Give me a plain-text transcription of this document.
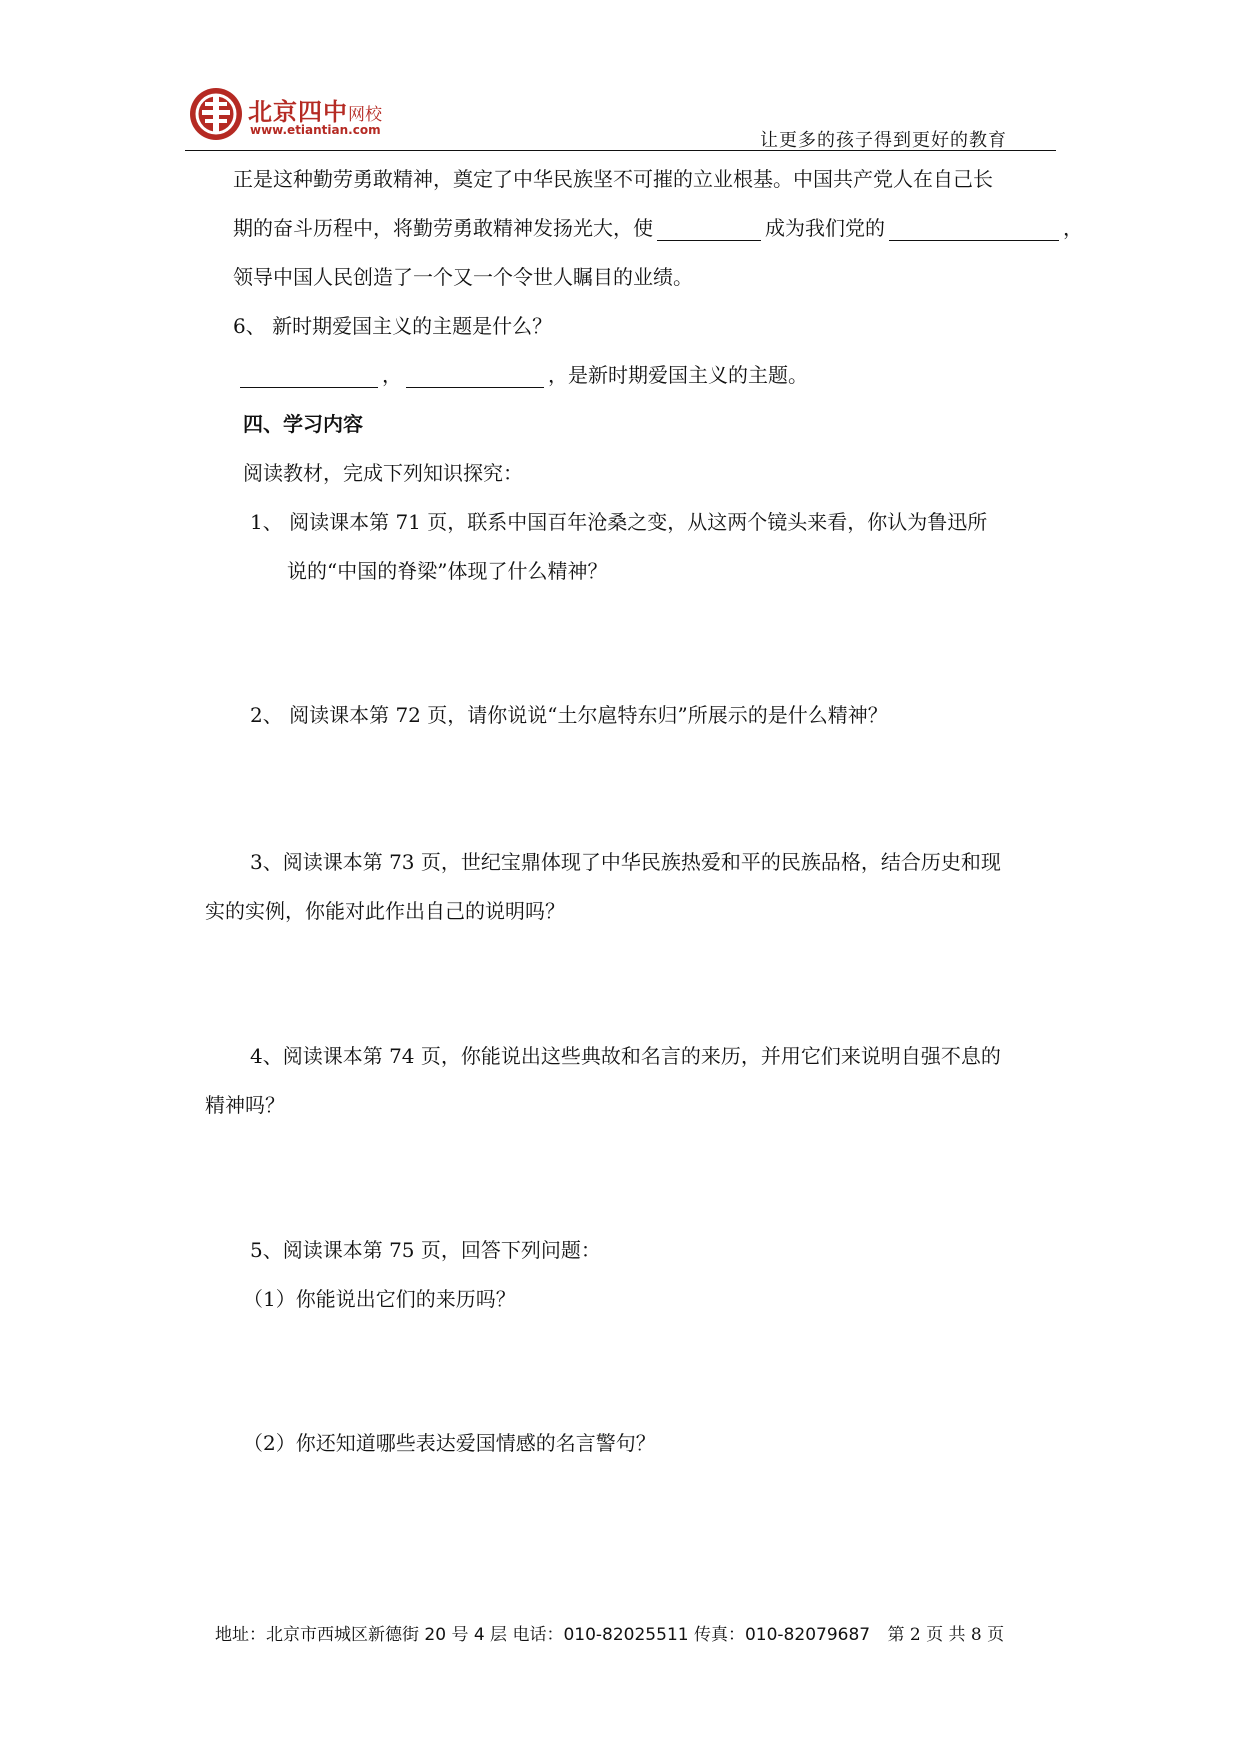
北京四中网校
www.etiantian.com	让更多的孩子得到更好的教育
正是这种勤劳勇敢精神，奠定了中华民族坚不可摧的立业根基。中国共产党人在自己长
期的奋斗历程中，将勤劳勇敢精神发扬光大，使	成为我们党的	，
领导中国人民创造了一个又一个令世人瞩目的业绩。
6、 新时期爱国主义的主题是什么？
，	，是新时期爱国主义的主题。
四、学习内容
阅读教材，完成下列知识探究：
1、 阅读课本第 71 页，联系中国百年沧桑之变，从这两个镜头来看，你认为鲁迅所
说的“中国的脊梁”体现了什么精神？
2、 阅读课本第 72 页，请你说说“土尔扈特东归”所展示的是什么精神？
3、阅读课本第 73 页，世纪宝鼎体现了中华民族热爱和平的民族品格，结合历史和现
实的实例，你能对此作出自己的说明吗？
4、阅读课本第 74 页，你能说出这些典故和名言的来历，并用它们来说明自强不息的
精神吗？
5、阅读课本第 75 页，回答下列问题：
（1）你能说出它们的来历吗？
（2）你还知道哪些表达爱国情感的名言警句？
地址：北京市西城区新德街 20 号 4 层 电话：010-82025511 传真：010-82079687 第 2 页 共 8 页
